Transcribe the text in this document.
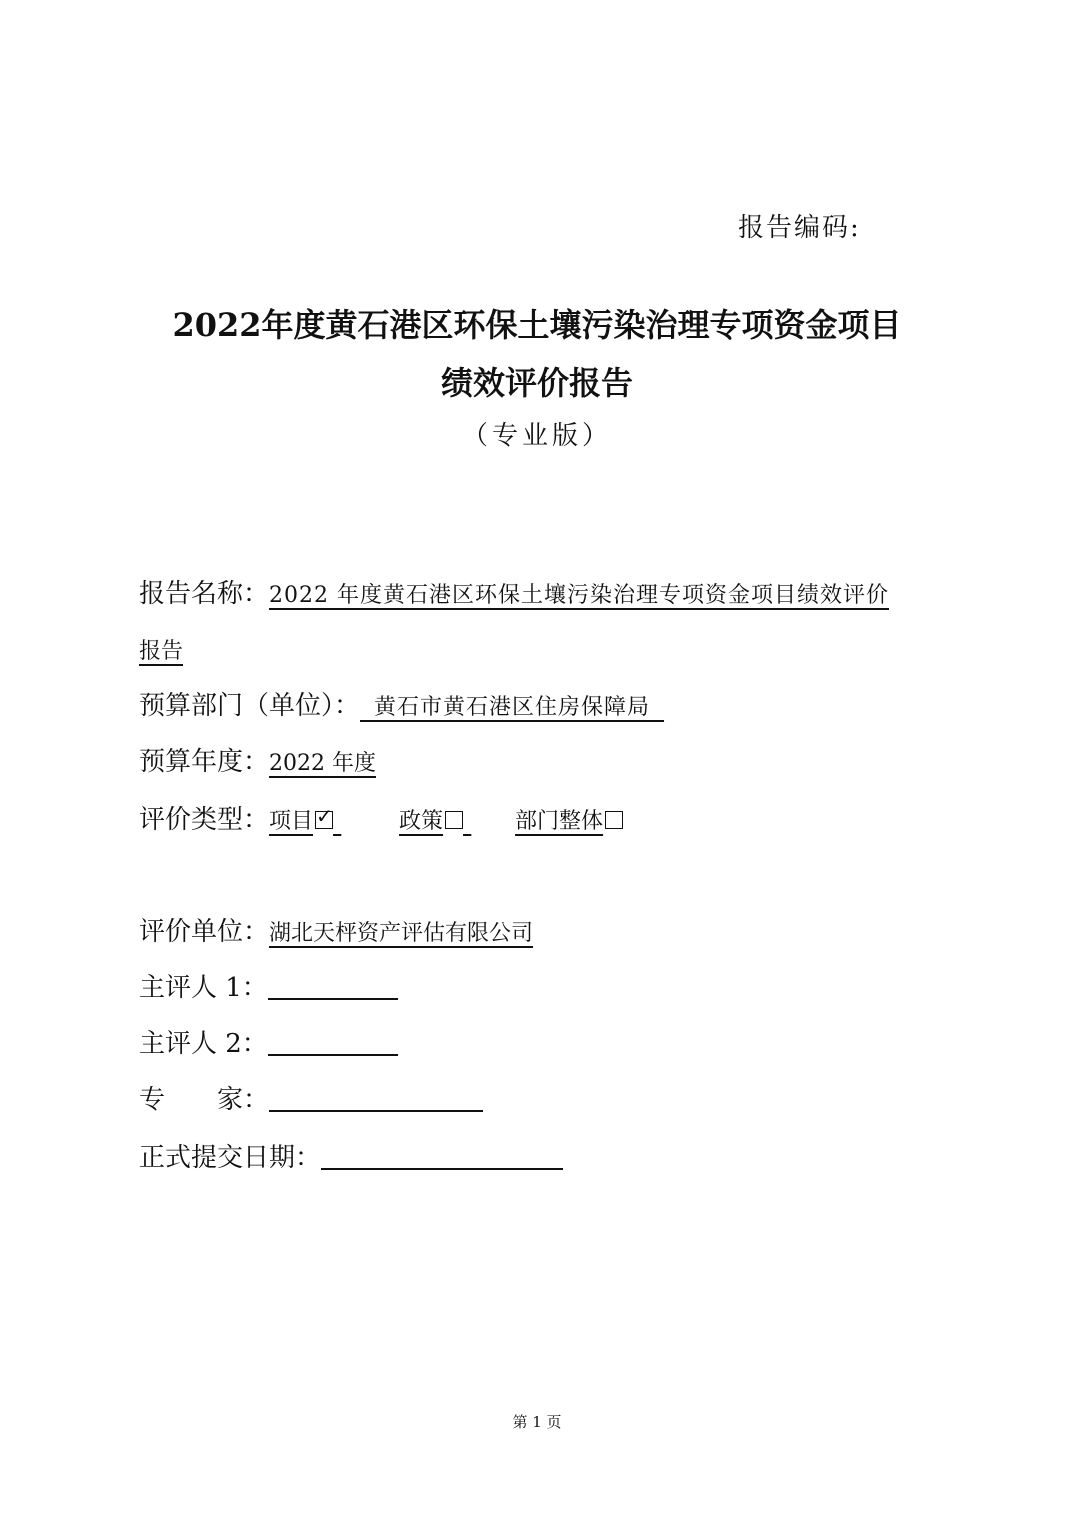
报告编码:
2022年度黄石港区环保土壤污染治理专项资金项目
绩效评价报告
（专业版）
报告名称：2022 年度黄石港区环保土壤污染治理专项资金项目绩效评价
报告
预算部门（单位）： 黄石市黄石港区住房保障局
预算年度：2022 年度
评价类型：项目 ✓	政策	部门整体
评价单位：湖北天枰资产评估有限公司
主评人 1：
主评人 2：
专　　家：
正式提交日期：
第 1 页
